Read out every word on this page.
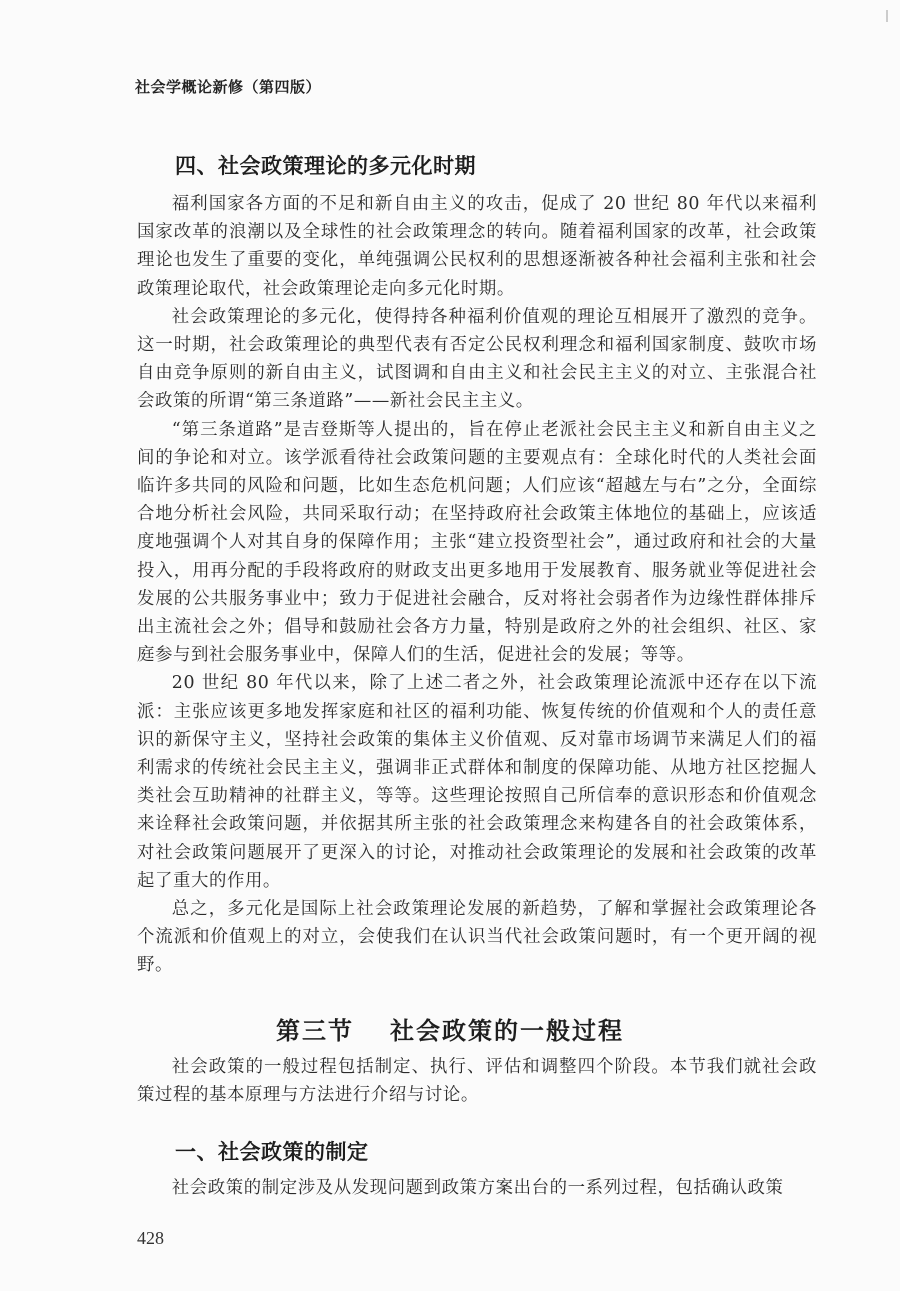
社会学概论新修（第四版）
四、社会政策理论的多元化时期

福利国家各方面的不足和新自由主义的攻击，促成了 20 世纪 80 年代以来福利国家改革的浪潮以及全球性的社会政策理念的转向。随着福利国家的改革，社会政策理论也发生了重要的变化，单纯强调公民权利的思想逐渐被各种社会福利主张和社会政策理论取代，社会政策理论走向多元化时期。

社会政策理论的多元化，使得持各种福利价值观的理论互相展开了激烈的竞争。这一时期，社会政策理论的典型代表有否定公民权利理念和福利国家制度、鼓吹市场自由竞争原则的新自由主义，试图调和自由主义和社会民主主义的对立、主张混合社会政策的所谓“第三条道路”——新社会民主主义。

“第三条道路”是吉登斯等人提出的，旨在停止老派社会民主主义和新自由主义之间的争论和对立。该学派看待社会政策问题的主要观点有：全球化时代的人类社会面临许多共同的风险和问题，比如生态危机问题；人们应该“超越左与右”之分，全面综合地分析社会风险，共同采取行动；在坚持政府社会政策主体地位的基础上，应该适度地强调个人对其自身的保障作用；主张“建立投资型社会”，通过政府和社会的大量投入，用再分配的手段将政府的财政支出更多地用于发展教育、服务就业等促进社会发展的公共服务事业中；致力于促进社会融合，反对将社会弱者作为边缘性群体排斥出主流社会之外；倡导和鼓励社会各方力量，特别是政府之外的社会组织、社区、家庭参与到社会服务事业中，保障人们的生活，促进社会的发展；等等。

20 世纪 80 年代以来，除了上述二者之外，社会政策理论流派中还存在以下流派：主张应该更多地发挥家庭和社区的福利功能、恢复传统的价值观和个人的责任意识的新保守主义，坚持社会政策的集体主义价值观、反对靠市场调节来满足人们的福利需求的传统社会民主主义，强调非正式群体和制度的保障功能、从地方社区挖掘人类社会互助精神的社群主义，等等。这些理论按照自己所信奉的意识形态和价值观念来诠释社会政策问题，并依据其所主张的社会政策理念来构建各自的社会政策体系，对社会政策问题展开了更深入的讨论，对推动社会政策理论的发展和社会政策的改革起了重大的作用。

总之，多元化是国际上社会政策理论发展的新趋势，了解和掌握社会政策理论各个流派和价值观上的对立，会使我们在认识当代社会政策问题时，有一个更开阔的视野。

第三节 社会政策的一般过程

社会政策的一般过程包括制定、执行、评估和调整四个阶段。本节我们就社会政策过程的基本原理与方法进行介绍与讨论。

一、社会政策的制定

社会政策的制定涉及从发现问题到政策方案出台的一系列过程，包括确认政策

428
